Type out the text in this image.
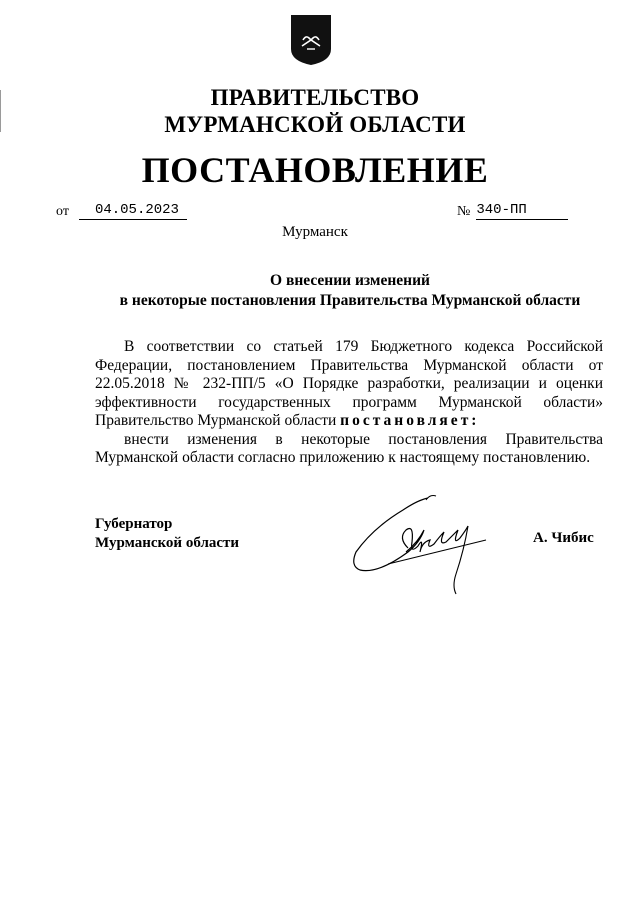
ПРАВИТЕЛЬСТВО
МУРМАНСКОЙ ОБЛАСТИ
ПОСТАНОВЛЕНИЕ
от	04.05.2023	№ 340-ПП
Мурманск
О внесении изменений
в некоторые постановления Правительства Мурманской области

В соответствии со статьей 179 Бюджетного кодекса Российской Федерации, постановлением Правительства Мурманской области от 22.05.2018 № 232-ПП/5 «О Порядке разработки, реализации и оценки эффективности государственных программ Мурманской области» Правительство Мурманской области постановляет:

внести изменения в некоторые постановления Правительства Мурманской области согласно приложению к настоящему постановлению.

Губернатор
Мурманской области	А. Чибис
